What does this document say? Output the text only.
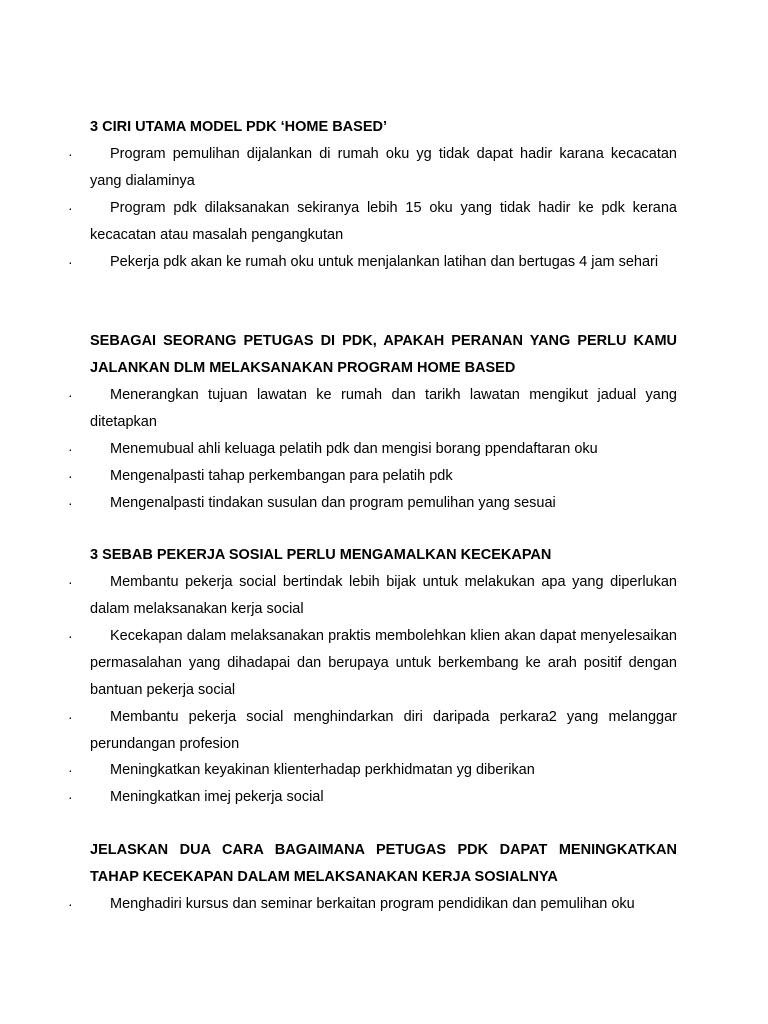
3 CIRI UTAMA MODEL PDK ‘HOME BASED’

·	Program pemulihan dijalankan di rumah oku yg tidak dapat hadir karana kecacatan yang dialaminya
·	Program pdk dilaksanakan sekiranya lebih 15 oku yang tidak hadir ke pdk kerana kecacatan atau masalah pengangkutan
·	Pekerja pdk akan ke rumah oku untuk menjalankan latihan dan bertugas 4 jam sehari

SEBAGAI SEORANG PETUGAS DI PDK, APAKAH PERANAN YANG PERLU KAMU JALANKAN DLM MELAKSANAKAN PROGRAM HOME BASED

·	Menerangkan tujuan lawatan ke rumah dan tarikh lawatan mengikut jadual yang ditetapkan
·	Menemubual ahli keluaga pelatih pdk dan mengisi borang ppendaftaran oku
·	Mengenalpasti tahap perkembangan para pelatih pdk
·	Mengenalpasti tindakan susulan dan program pemulihan yang sesuai

3 SEBAB PEKERJA SOSIAL PERLU MENGAMALKAN KECEKAPAN

·	Membantu pekerja social bertindak lebih bijak untuk melakukan apa yang diperlukan dalam melaksanakan kerja social
·	Kecekapan dalam melaksanakan praktis membolehkan klien akan dapat menyelesaikan permasalahan yang dihadapai dan berupaya untuk berkembang ke arah positif dengan bantuan pekerja social
·	Membantu pekerja social menghindarkan diri daripada perkara2 yang melanggar perundangan profesion
·	Meningkatkan keyakinan klienterhadap perkhidmatan yg diberikan
·	Meningkatkan imej pekerja social

JELASKAN DUA CARA BAGAIMANA PETUGAS PDK DAPAT MENINGKATKAN TAHAP KECEKAPAN DALAM MELAKSANAKAN KERJA SOSIALNYA

·	Menghadiri kursus dan seminar berkaitan program pendidikan dan pemulihan oku
